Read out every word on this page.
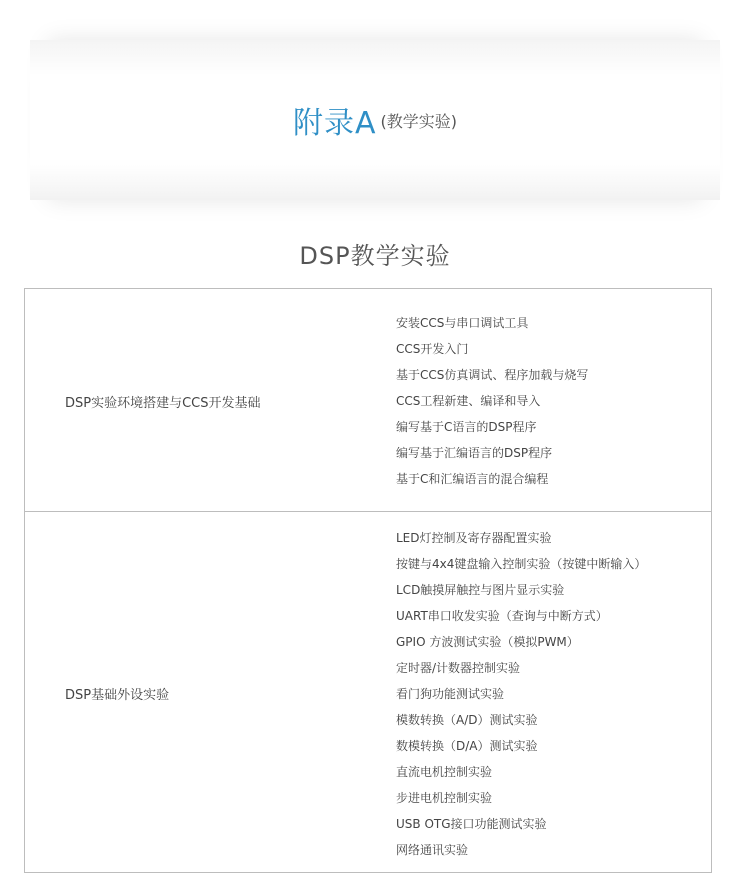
附录A (教学实验)
DSP教学实验
DSP实验环境搭建与CCS开发基础
安装CCS与串口调试工具
CCS开发入门
基于CCS仿真调试、程序加载与烧写
CCS工程新建、编译和导入
编写基于C语言的DSP程序
编写基于汇编语言的DSP程序
基于C和汇编语言的混合编程
DSP基础外设实验
LED灯控制及寄存器配置实验
按键与4x4键盘输入控制实验（按键中断输入）
LCD触摸屏触控与图片显示实验
UART串口收发实验（查询与中断方式）
GPIO 方波测试实验（模拟PWM）
定时器/计数器控制实验
看门狗功能测试实验
模数转换（A/D）测试实验
数模转换（D/A）测试实验
直流电机控制实验
步进电机控制实验
USB OTG接口功能测试实验
网络通讯实验
